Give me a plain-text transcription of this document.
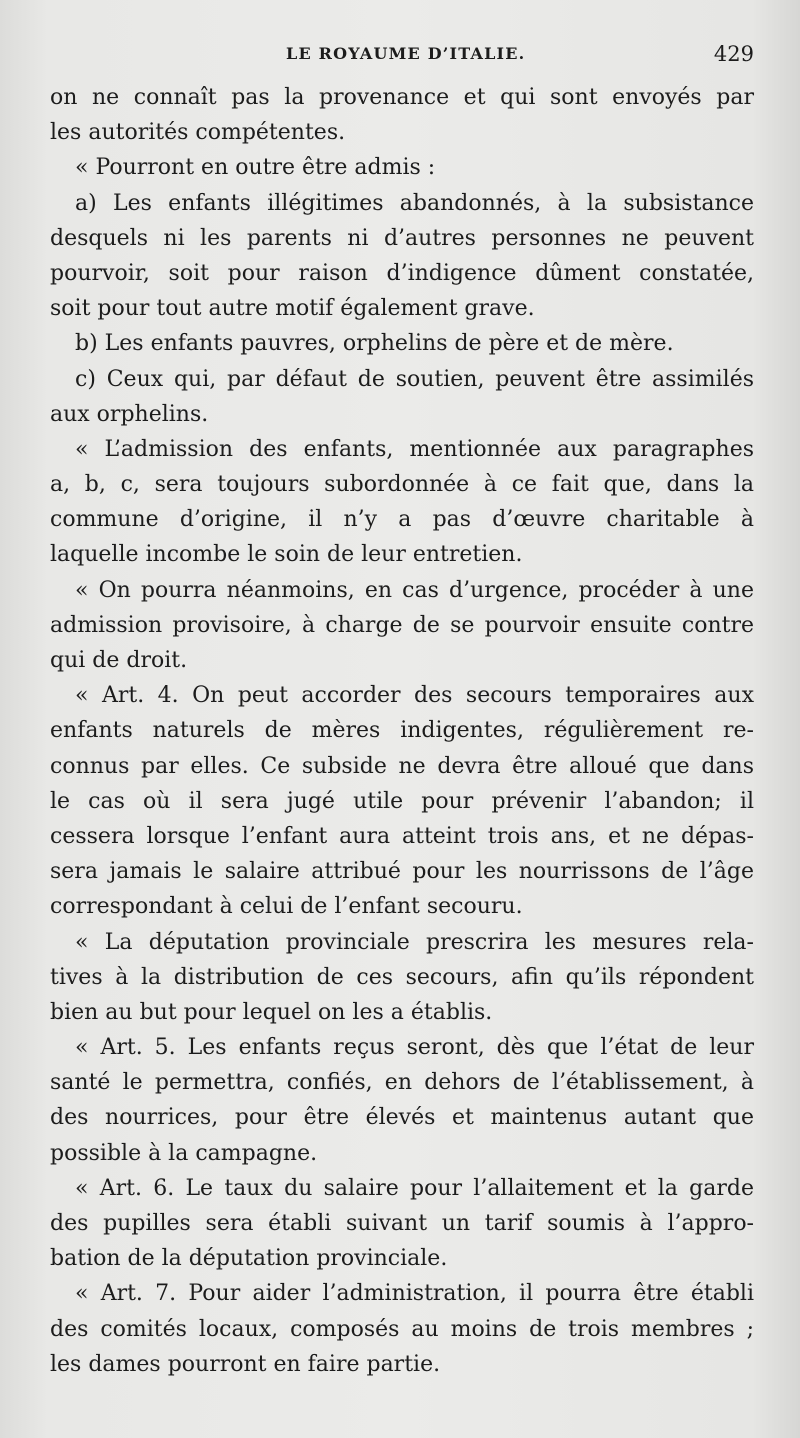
LE ROYAUME D’ITALIE.	429
on ne connaît pas la provenance et qui sont envoyés par
les autorités compétentes.
« Pourront en outre être admis :
a) Les enfants illégitimes abandonnés, à la subsistance
desquels ni les parents ni d’autres personnes ne peuvent
pourvoir, soit pour raison d’indigence dûment constatée,
soit pour tout autre motif également grave.
b) Les enfants pauvres, orphelins de père et de mère.
c) Ceux qui, par défaut de soutien, peuvent être assimilés
aux orphelins.
« L’admission des enfants, mentionnée aux paragraphes
a, b, c, sera toujours subordonnée à ce fait que, dans la
commune d’origine, il n’y a pas d’œuvre charitable à
laquelle incombe le soin de leur entretien.
« On pourra néanmoins, en cas d’urgence, procéder à une
admission provisoire, à charge de se pourvoir ensuite contre
qui de droit.
« Art. 4. On peut accorder des secours temporaires aux
enfants naturels de mères indigentes, régulièrement re-
connus par elles. Ce subside ne devra être alloué que dans
le cas où il sera jugé utile pour prévenir l’abandon; il
cessera lorsque l’enfant aura atteint trois ans, et ne dépas-
sera jamais le salaire attribué pour les nourrissons de l’âge
correspondant à celui de l’enfant secouru.
« La députation provinciale prescrira les mesures rela-
tives à la distribution de ces secours, afin qu’ils répondent
bien au but pour lequel on les a établis.
« Art. 5. Les enfants reçus seront, dès que l’état de leur
santé le permettra, confiés, en dehors de l’établissement, à
des nourrices, pour être élevés et maintenus autant que
possible à la campagne.
« Art. 6. Le taux du salaire pour l’allaitement et la garde
des pupilles sera établi suivant un tarif soumis à l’appro-
bation de la députation provinciale.
« Art. 7. Pour aider l’administration, il pourra être établi
des comités locaux, composés au moins de trois membres ;
les dames pourront en faire partie.
